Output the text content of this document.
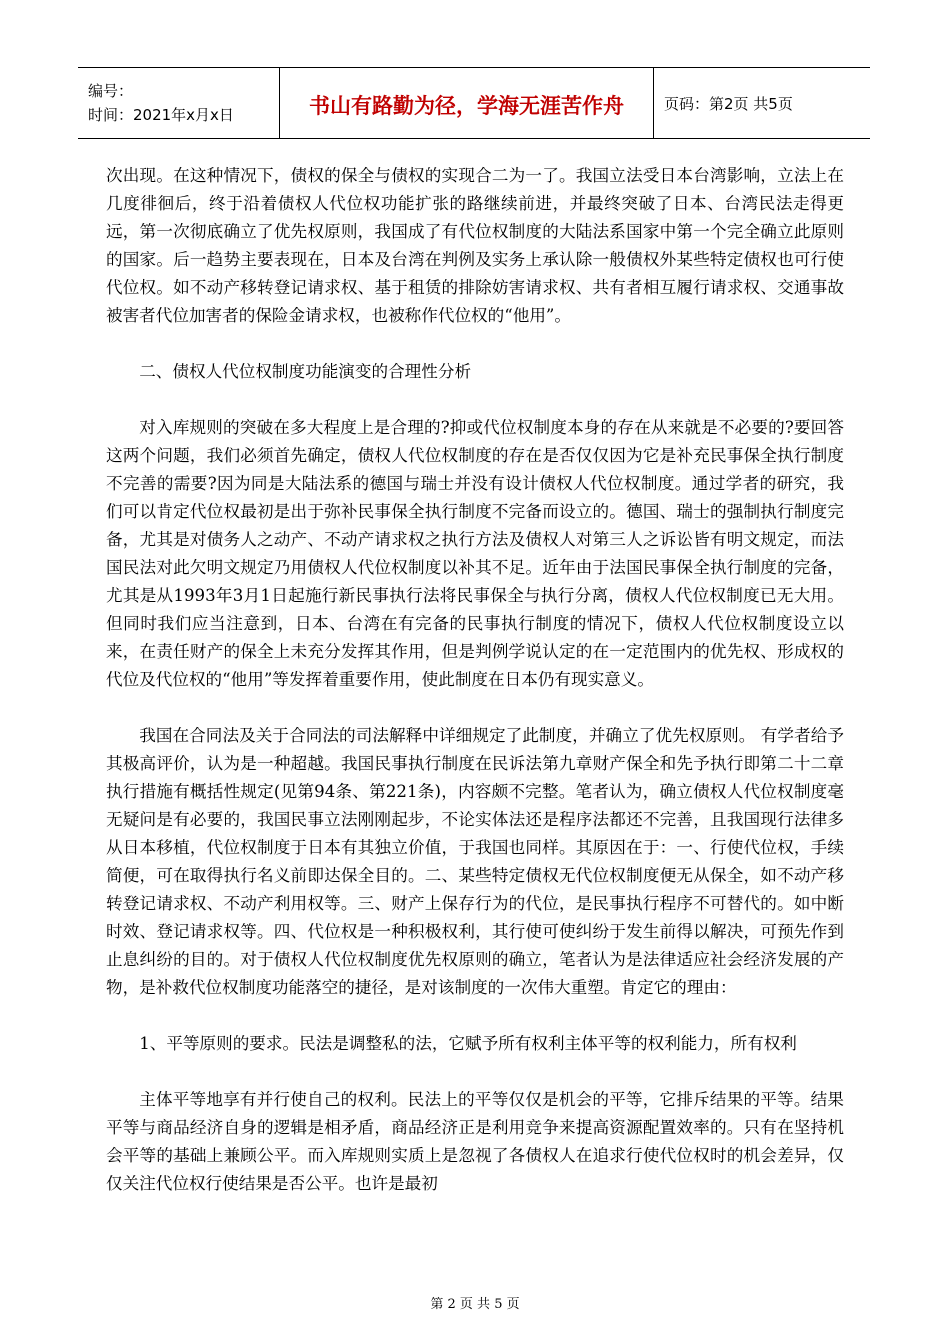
编号：
时间：2021年x月x日	书山有路勤为径，学海无涯苦作舟	页码：第2页 共5页

次出现。在这种情况下，债权的保全与债权的实现合二为一了。我国立法受日本台湾影响，立法上在几度徘徊后，终于沿着债权人代位权功能扩张的路继续前进，并最终突破了日本、台湾民法走得更远，第一次彻底确立了优先权原则，我国成了有代位权制度的大陆法系国家中第一个完全确立此原则的国家。后一趋势主要表现在，日本及台湾在判例及实务上承认除一般债权外某些特定债权也可行使代位权。如不动产移转登记请求权、基于租赁的排除妨害请求权、共有者相互履行请求权、交通事故被害者代位加害者的保险金请求权，也被称作代位权的“他用”。

二、债权人代位权制度功能演变的合理性分析

对入库规则的突破在多大程度上是合理的?抑或代位权制度本身的存在从来就是不必要的?要回答这两个问题，我们必须首先确定，债权人代位权制度的存在是否仅仅因为它是补充民事保全执行制度不完善的需要?因为同是大陆法系的德国与瑞士并没有设计债权人代位权制度。通过学者的研究，我们可以肯定代位权最初是出于弥补民事保全执行制度不完备而设立的。德国、瑞士的强制执行制度完备，尤其是对债务人之动产、不动产请求权之执行方法及债权人对第三人之诉讼皆有明文规定，而法国民法对此欠明文规定乃用债权人代位权制度以补其不足。近年由于法国民事保全执行制度的完备，尤其是从1993年3月1日起施行新民事执行法将民事保全与执行分离，债权人代位权制度已无大用。但同时我们应当注意到，日本、台湾在有完备的民事执行制度的情况下，债权人代位权制度设立以来，在责任财产的保全上未充分发挥其作用，但是判例学说认定的在一定范围内的优先权、形成权的代位及代位权的“他用”等发挥着重要作用，使此制度在日本仍有现实意义。

我国在合同法及关于合同法的司法解释中详细规定了此制度，并确立了优先权原则。 有学者给予其极高评价，认为是一种超越。我国民事执行制度在民诉法第九章财产保全和先予执行即第二十二章执行措施有概括性规定(见第94条、第221条)，内容颇不完整。笔者认为，确立债权人代位权制度毫无疑问是有必要的，我国民事立法刚刚起步，不论实体法还是程序法都还不完善，且我国现行法律多从日本移植，代位权制度于日本有其独立价值，于我国也同样。其原因在于：一、行使代位权，手续简便，可在取得执行名义前即达保全目的。二、某些特定债权无代位权制度便无从保全，如不动产移转登记请求权、不动产利用权等。三、财产上保存行为的代位，是民事执行程序不可替代的。如中断时效、登记请求权等。四、代位权是一种积极权利，其行使可使纠纷于发生前得以解决，可预先作到止息纠纷的目的。对于债权人代位权制度优先权原则的确立，笔者认为是法律适应社会经济发展的产物，是补救代位权制度功能落空的捷径，是对该制度的一次伟大重塑。肯定它的理由：

1、平等原则的要求。民法是调整私的法，它赋予所有权利主体平等的权利能力，所有权利

主体平等地享有并行使自己的权利。民法上的平等仅仅是机会的平等，它排斥结果的平等。结果平等与商品经济自身的逻辑是相矛盾，商品经济正是利用竞争来提高资源配置效率的。只有在坚持机会平等的基础上兼顾公平。而入库规则实质上是忽视了各债权人在追求行使代位权时的机会差异，仅仅关注代位权行使结果是否公平。也许是最初

第 2 页 共 5 页
